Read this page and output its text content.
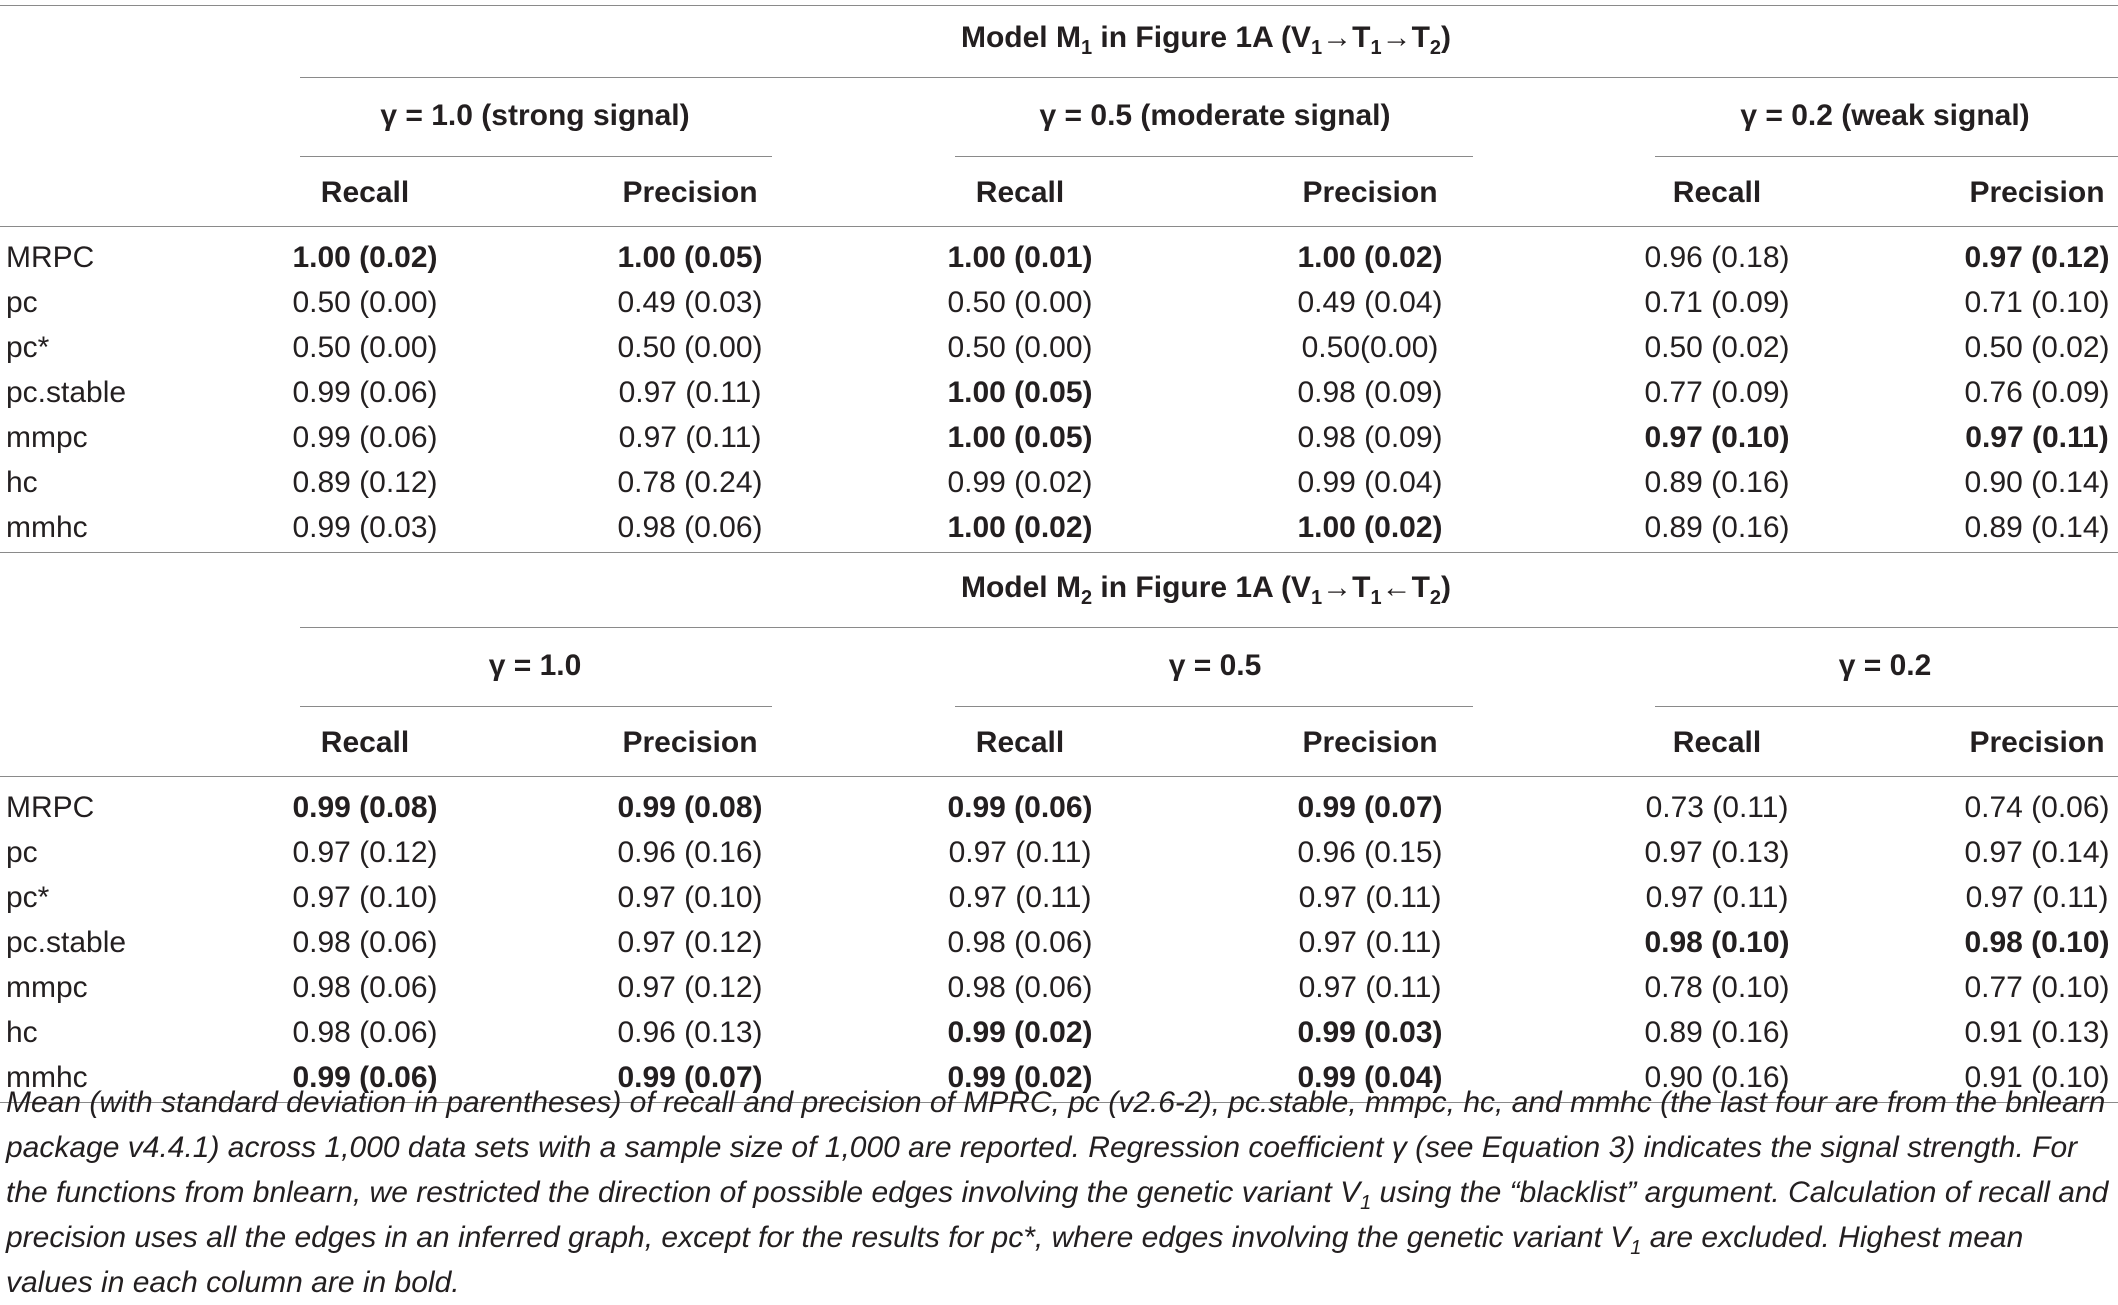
Model $M_1$ in Figure 1A $(V_1\to T_1\to T_2)$
γ = 1.0 (strong signal)	γ = 0.5 (moderate signal)	γ = 0.2 (weak signal)
Recall	Precision	Recall	Precision	Recall	Precision
MRPC	1.00 (0.02)	1.00 (0.05)	1.00 (0.01)	1.00 (0.02)	0.96 (0.18)	0.97 (0.12)
pc	0.50 (0.00)	0.49 (0.03)	0.50 (0.00)	0.49 (0.04)	0.71 (0.09)	0.71 (0.10)
pc*	0.50 (0.00)	0.50 (0.00)	0.50 (0.00)	0.50(0.00)	0.50 (0.02)	0.50 (0.02)
pc.stable	0.99 (0.06)	0.97 (0.11)	1.00 (0.05)	0.98 (0.09)	0.77 (0.09)	0.76 (0.09)
mmpc	0.99 (0.06)	0.97 (0.11)	1.00 (0.05)	0.98 (0.09)	0.97 (0.10)	0.97 (0.11)
hc	0.89 (0.12)	0.78 (0.24)	0.99 (0.02)	0.99 (0.04)	0.89 (0.16)	0.90 (0.14)
mmhc	0.99 (0.03)	0.98 (0.06)	1.00 (0.02)	1.00 (0.02)	0.89 (0.16)	0.89 (0.14)
Model $M_2$ in Figure 1A $(V_1\to T_1\leftarrow T_2)$
γ = 1.0	γ = 0.5	γ = 0.2
Recall	Precision	Recall	Precision	Recall	Precision
MRPC	0.99 (0.08)	0.99 (0.08)	0.99 (0.06)	0.99 (0.07)	0.73 (0.11)	0.74 (0.06)
pc	0.97 (0.12)	0.96 (0.16)	0.97 (0.11)	0.96 (0.15)	0.97 (0.13)	0.97 (0.14)
pc*	0.97 (0.10)	0.97 (0.10)	0.97 (0.11)	0.97 (0.11)	0.97 (0.11)	0.97 (0.11)
pc.stable	0.98 (0.06)	0.97 (0.12)	0.98 (0.06)	0.97 (0.11)	0.98 (0.10)	0.98 (0.10)
mmpc	0.98 (0.06)	0.97 (0.12)	0.98 (0.06)	0.97 (0.11)	0.78 (0.10)	0.77 (0.10)
hc	0.98 (0.06)	0.96 (0.13)	0.99 (0.02)	0.99 (0.03)	0.89 (0.16)	0.91 (0.13)
mmhc	0.99 (0.06)	0.99 (0.07)	0.99 (0.02)	0.99 (0.04)	0.90 (0.16)	0.91 (0.10)
Mean (with standard deviation in parentheses) of recall and precision of MPRC, pc (v2.6-2), pc.stable, mmpc, hc, and mmhc (the last four are from the bnlearn package v4.4.1) across 1,000 data sets with a sample size of 1,000 are reported. Regression coefficient γ (see Equation 3) indicates the signal strength. For the functions from bnlearn, we restricted the direction of possible edges involving the genetic variant $V_1$ using the “blacklist” argument. Calculation of recall and precision uses all the edges in an inferred graph, except for the results for pc*, where edges involving the genetic variant $V_1$ are excluded. Highest mean values in each column are in bold.
